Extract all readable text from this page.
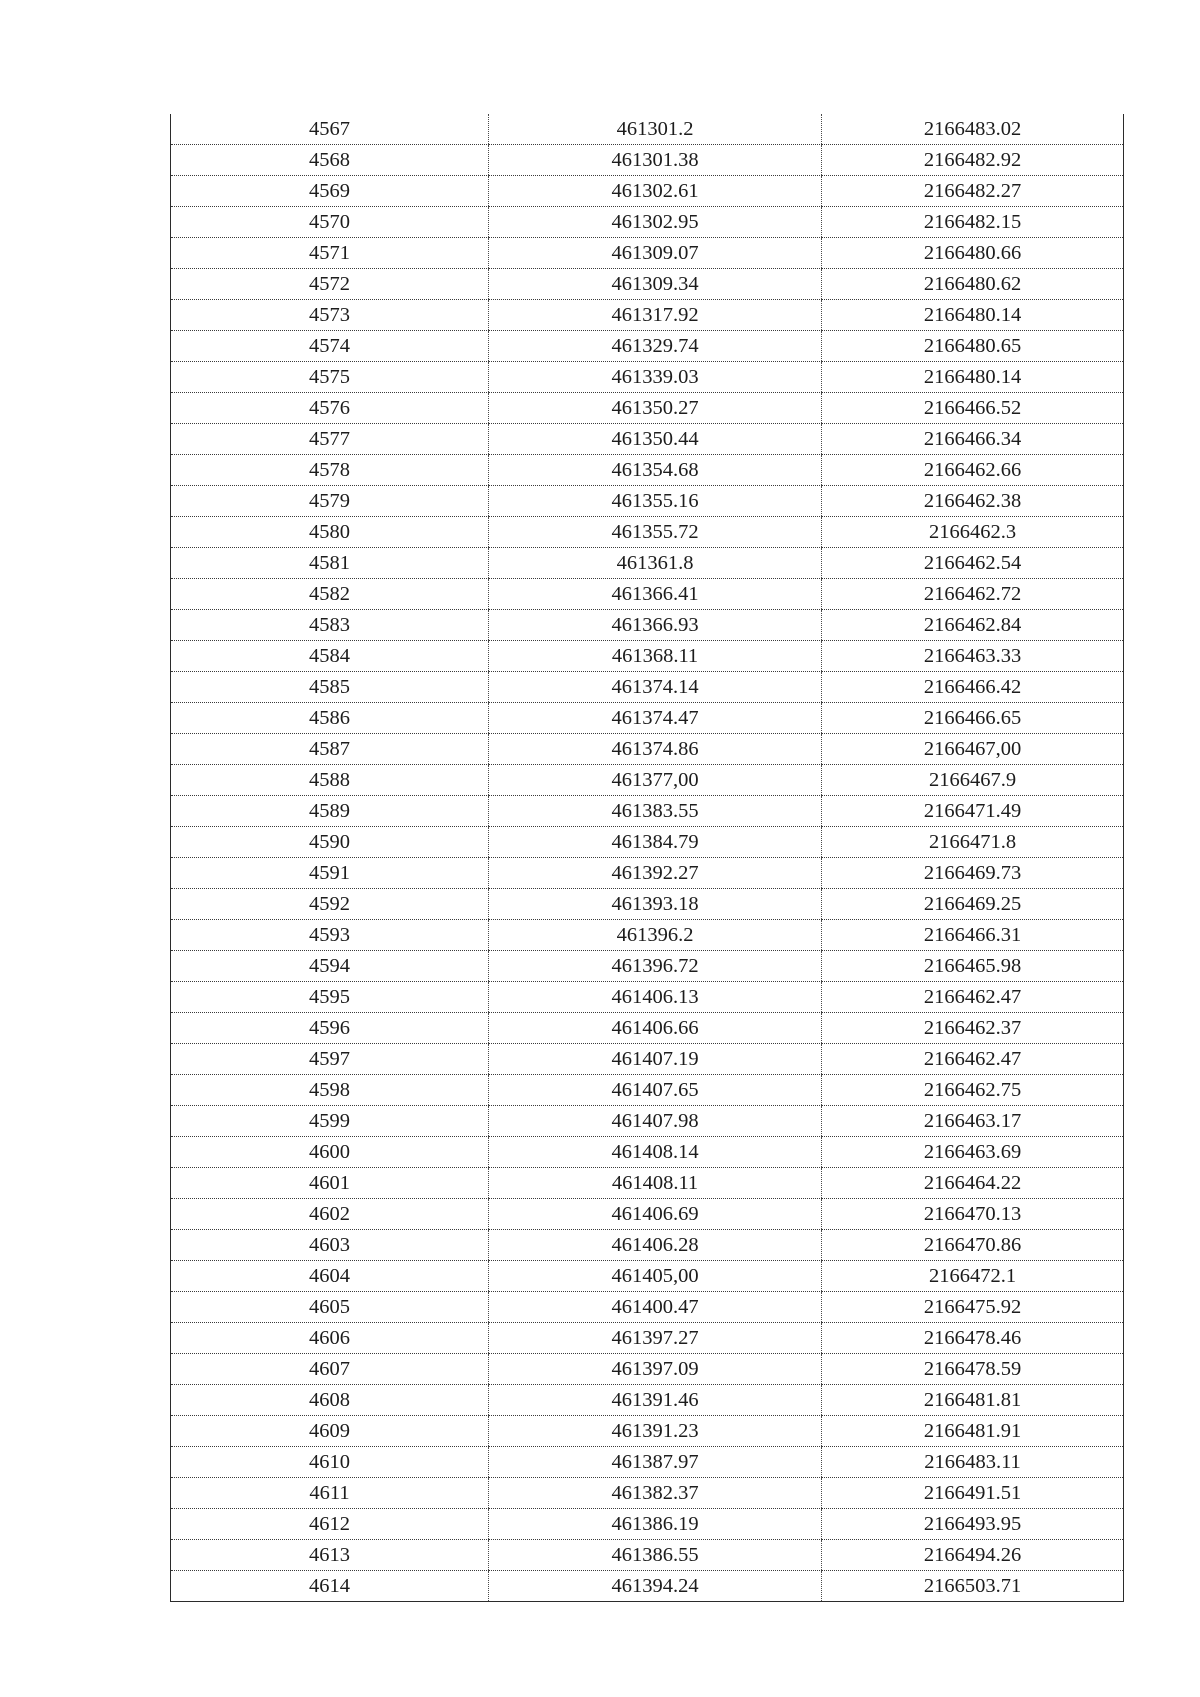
4567	461301.2	2166483.02
4568	461301.38	2166482.92
4569	461302.61	2166482.27
4570	461302.95	2166482.15
4571	461309.07	2166480.66
4572	461309.34	2166480.62
4573	461317.92	2166480.14
4574	461329.74	2166480.65
4575	461339.03	2166480.14
4576	461350.27	2166466.52
4577	461350.44	2166466.34
4578	461354.68	2166462.66
4579	461355.16	2166462.38
4580	461355.72	2166462.3
4581	461361.8	2166462.54
4582	461366.41	2166462.72
4583	461366.93	2166462.84
4584	461368.11	2166463.33
4585	461374.14	2166466.42
4586	461374.47	2166466.65
4587	461374.86	2166467,00
4588	461377,00	2166467.9
4589	461383.55	2166471.49
4590	461384.79	2166471.8
4591	461392.27	2166469.73
4592	461393.18	2166469.25
4593	461396.2	2166466.31
4594	461396.72	2166465.98
4595	461406.13	2166462.47
4596	461406.66	2166462.37
4597	461407.19	2166462.47
4598	461407.65	2166462.75
4599	461407.98	2166463.17
4600	461408.14	2166463.69
4601	461408.11	2166464.22
4602	461406.69	2166470.13
4603	461406.28	2166470.86
4604	461405,00	2166472.1
4605	461400.47	2166475.92
4606	461397.27	2166478.46
4607	461397.09	2166478.59
4608	461391.46	2166481.81
4609	461391.23	2166481.91
4610	461387.97	2166483.11
4611	461382.37	2166491.51
4612	461386.19	2166493.95
4613	461386.55	2166494.26
4614	461394.24	2166503.71
